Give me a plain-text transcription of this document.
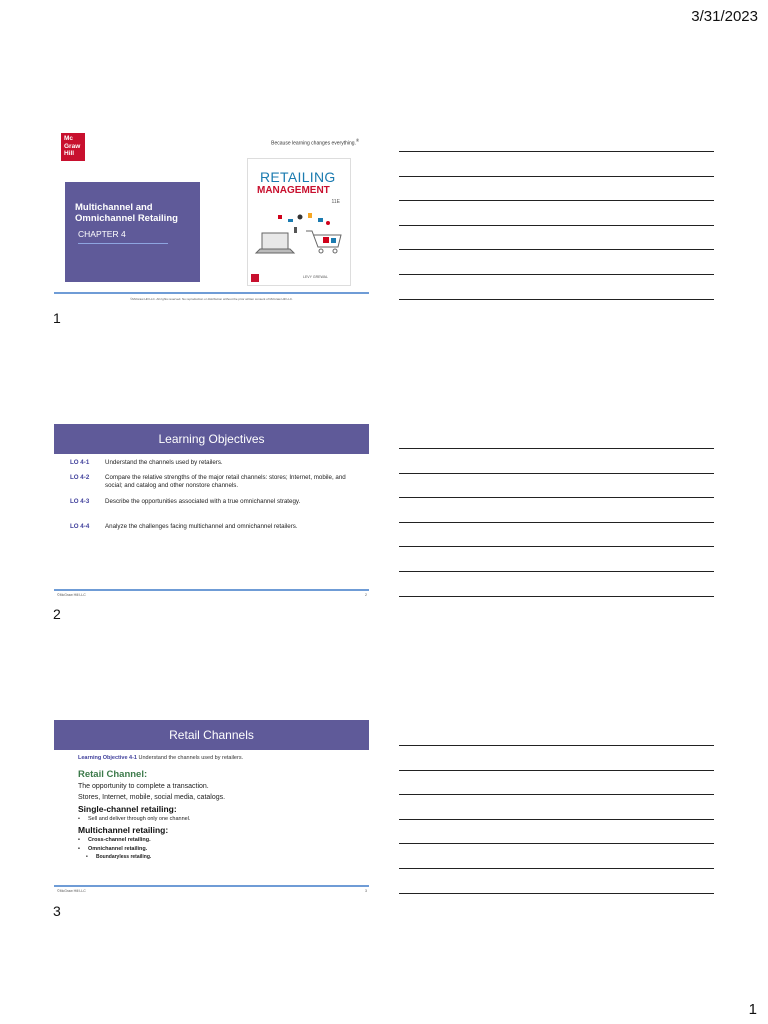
3/31/2023
Mc
Graw
Hill
Because learning changes everything.®
Multichannel and Omnichannel Retailing
CHAPTER 4
RETAILING
MANAGEMENT
11E
LEVY GREWAL
©McGraw Hill LLC. All rights reserved. No reproduction or distribution without the prior written consent of McGraw Hill LLC.
1
Learning Objectives
LO 4-1	Understand the channels used by retailers.
LO 4-2	Compare the relative strengths of the major retail channels: stores; Internet, mobile, and social; and catalog and other nonstore channels.
LO 4-3	Describe the opportunities associated with a true omnichannel strategy.
LO 4-4	Analyze the challenges facing multichannel and omnichannel retailers.
©McGraw Hill LLC	2
2
Retail Channels
Learning Objective 4-1 Understand the channels used by retailers.
Retail Channel:
The opportunity to complete a transaction.
Stores, Internet, mobile, social media, catalogs.
Single-channel retailing:
• Sell and deliver through only one channel.
Multichannel retailing:
• Cross-channel retailing.
• Omnichannel retailing.
• Boundaryless retailing.
©McGraw Hill LLC	3
3
1
